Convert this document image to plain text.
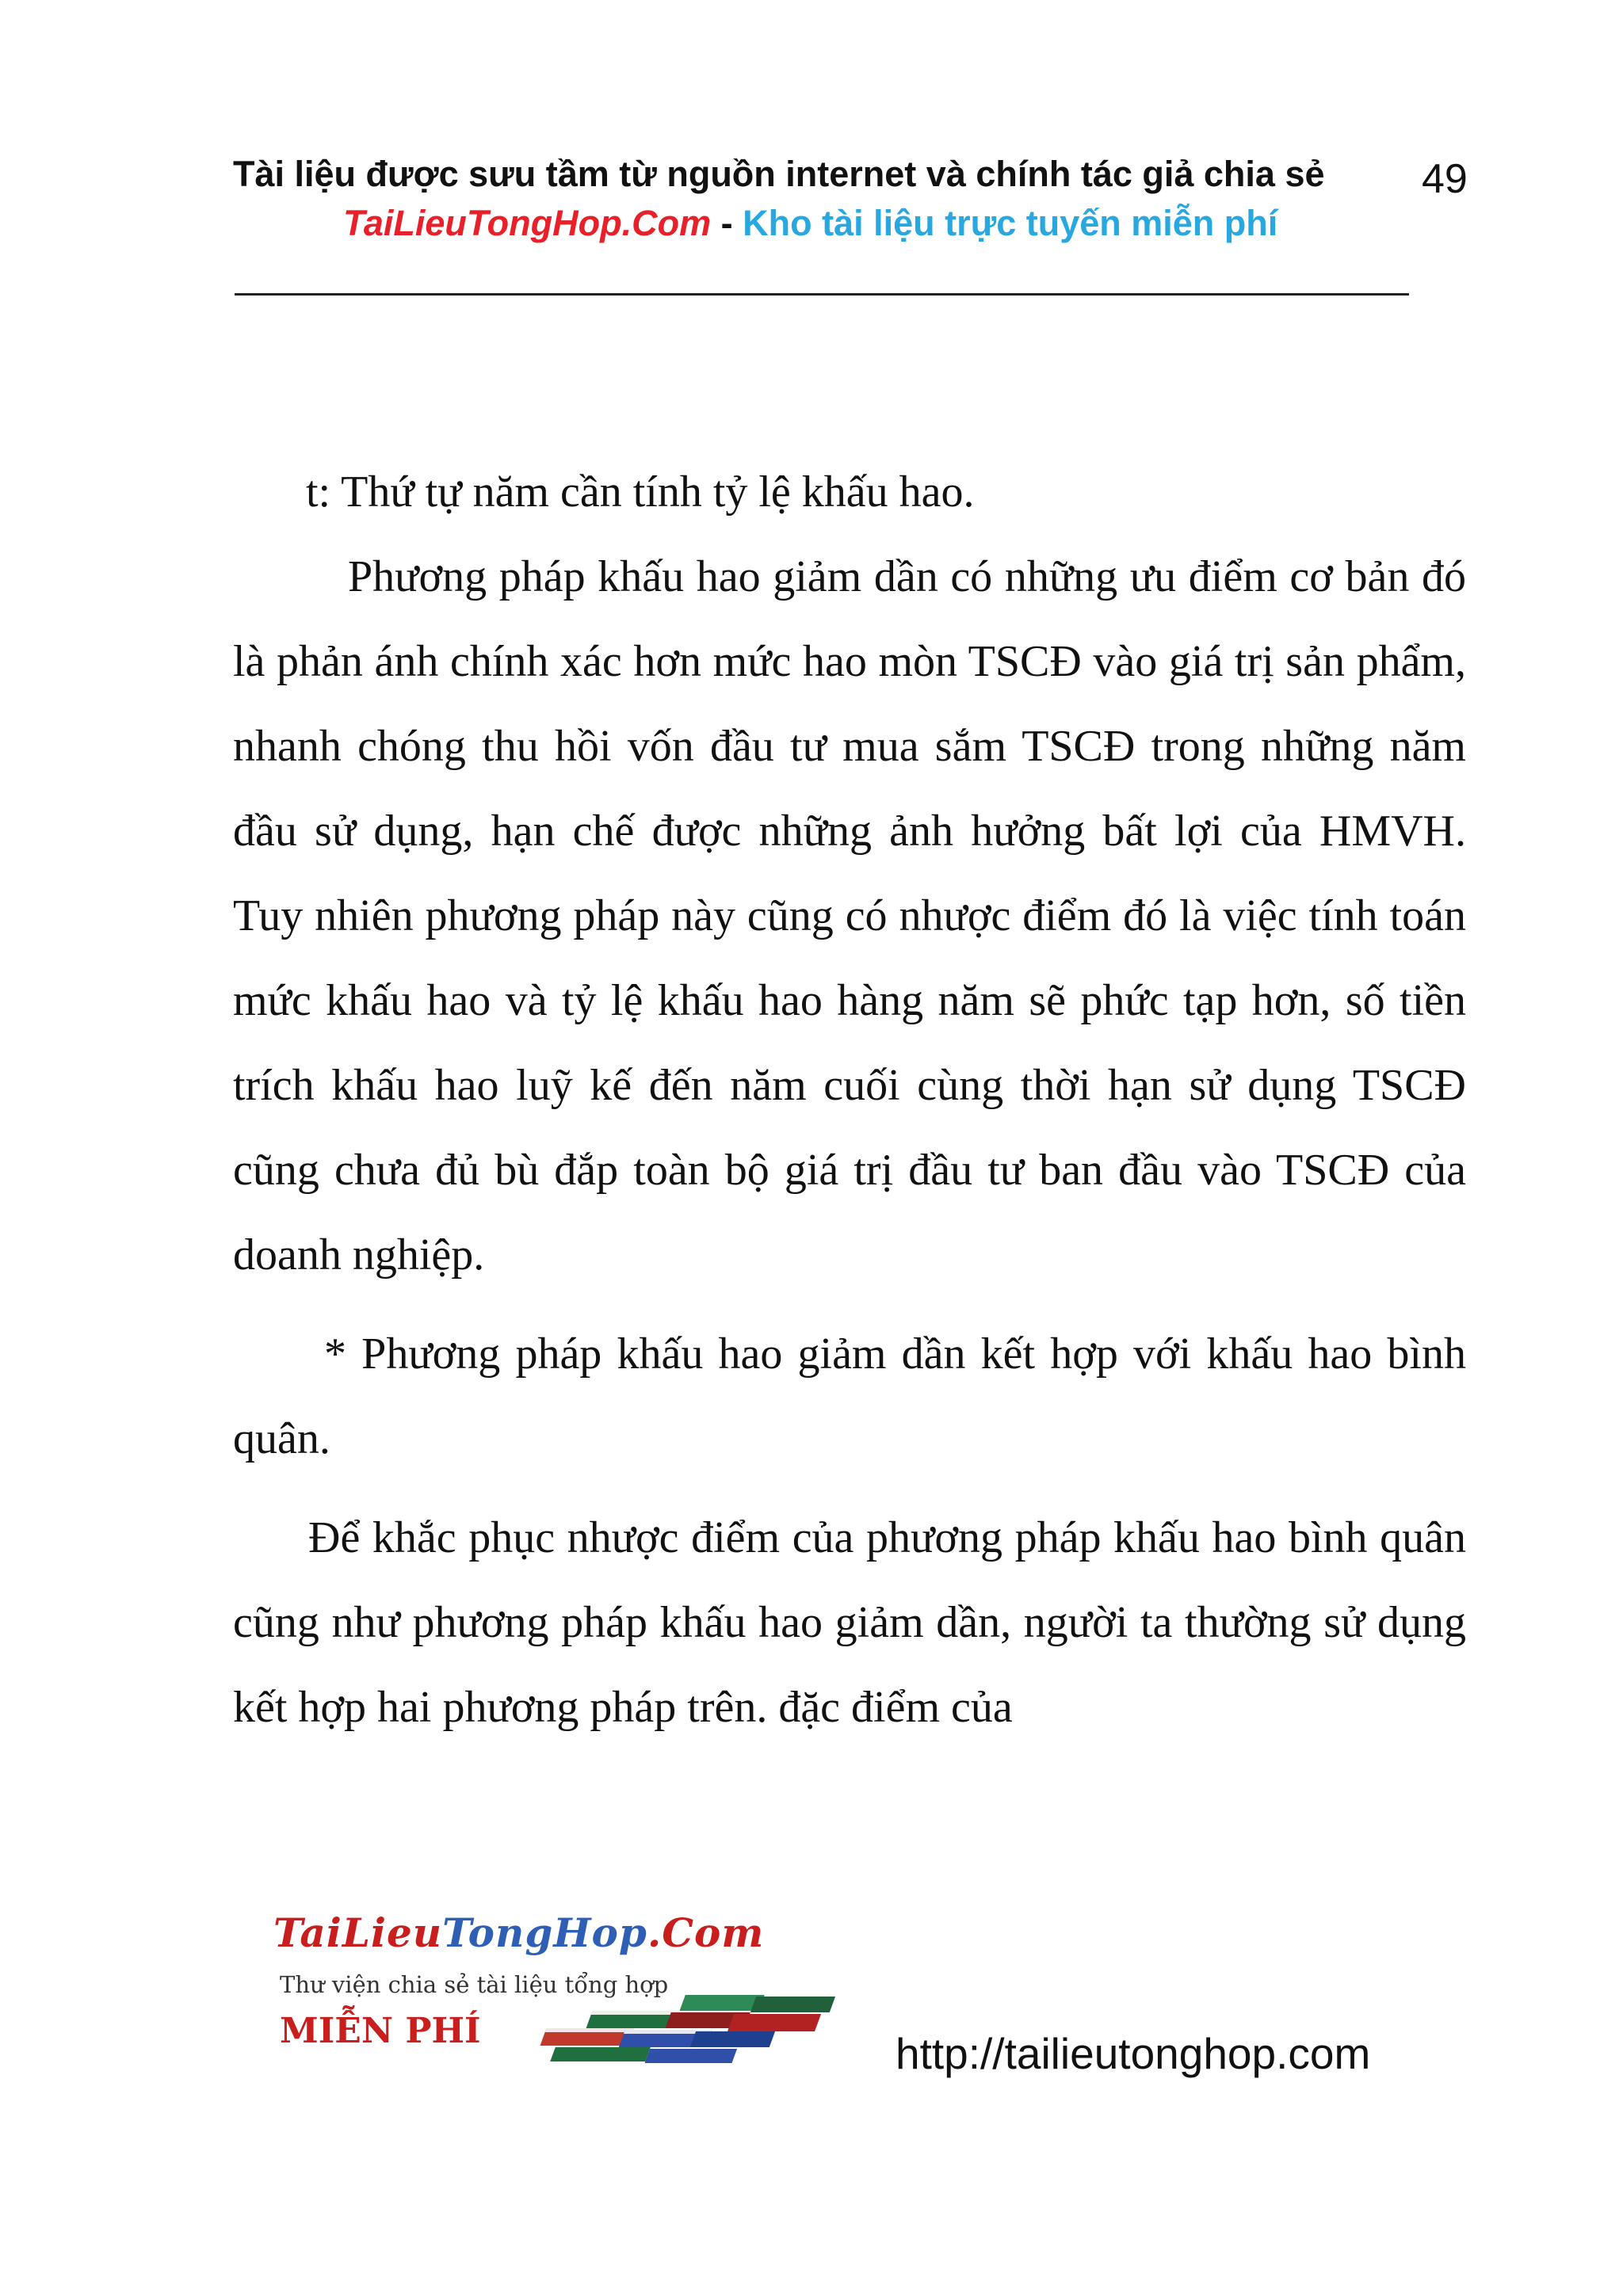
Tài liệu được sưu tầm từ nguồn internet và chính tác giả chia sẻ	49
TaiLieuTongHop.Com - Kho tài liệu trực tuyến miễn phí

t: Thứ tự năm cần tính tỷ lệ khấu hao.

Phương pháp khấu hao giảm dần có những ưu điểm cơ bản đó là phản ánh chính xác hơn mức hao mòn TSCĐ vào giá trị sản phẩm, nhanh chóng thu hồi vốn đầu tư mua sắm TSCĐ trong những năm đầu sử dụng, hạn chế được những ảnh hưởng bất lợi của HMVH. Tuy nhiên phương pháp này cũng có nhược điểm đó là việc tính toán mức khấu hao và tỷ lệ khấu hao hàng năm sẽ phức tạp hơn, số tiền trích khấu hao luỹ kế đến năm cuối cùng thời hạn sử dụng TSCĐ cũng chưa đủ bù đắp toàn bộ giá trị đầu tư ban đầu vào TSCĐ của doanh nghiệp.

* Phương pháp khấu hao giảm dần kết hợp với khấu hao bình quân.

Để khắc phục nhược điểm của phương pháp khấu hao bình quân cũng như phương pháp khấu hao giảm dần, người ta thường sử dụng kết hợp hai phương pháp trên. đặc điểm của

TaiLieuTongHop.Com
Thư viện chia sẻ tài liệu tổng hợp
MIỄN PHÍ	http://tailieutonghop.com
